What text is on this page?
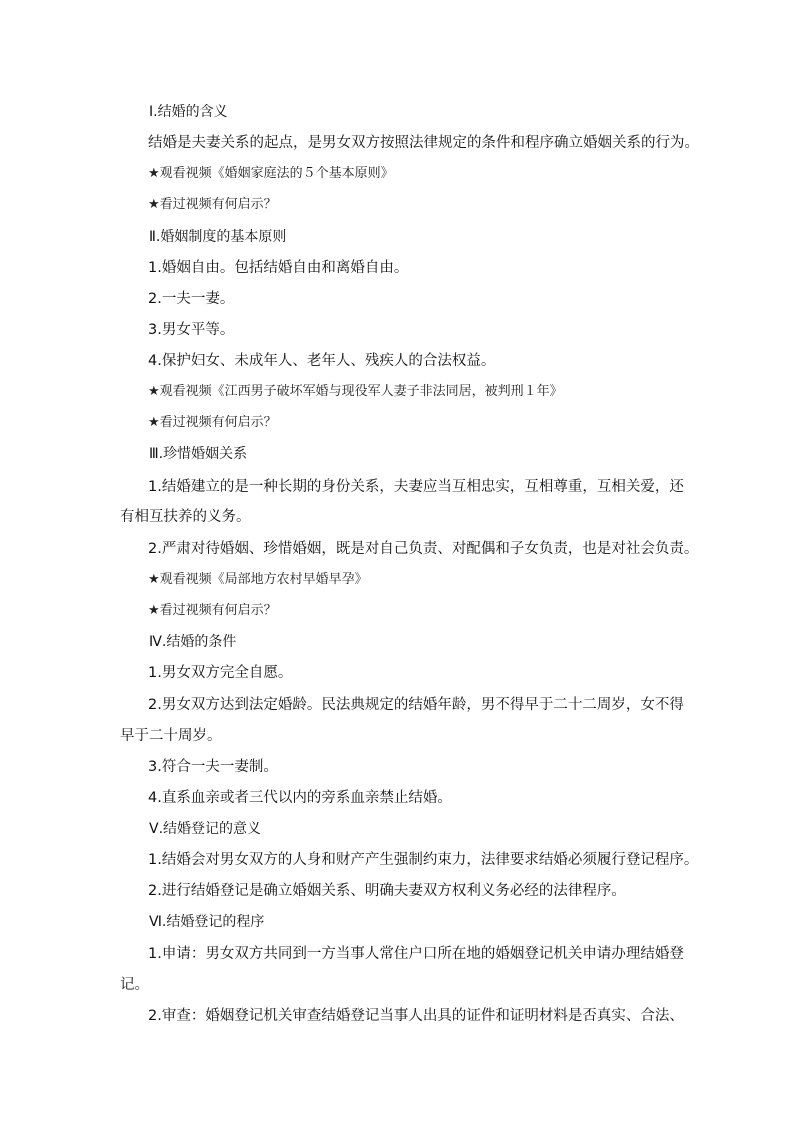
Ⅰ.结婚的含义
结婚是夫妻关系的起点，是男女双方按照法律规定的条件和程序确立婚姻关系的行为。
★观看视频《婚姻家庭法的５个基本原则》
★看过视频有何启示？
Ⅱ.婚姻制度的基本原则
1.婚姻自由。包括结婚自由和离婚自由。
2.一夫一妻。
3.男女平等。
4.保护妇女、未成年人、老年人、残疾人的合法权益。
★观看视频《江西男子破坏军婚与现役军人妻子非法同居，被判刑１年》
★看过视频有何启示？
Ⅲ.珍惜婚姻关系
1.结婚建立的是一种长期的身份关系，夫妻应当互相忠实，互相尊重，互相关爱，还
有相互扶养的义务。
2.严肃对待婚姻、珍惜婚姻，既是对自己负责、对配偶和子女负责，也是对社会负责。
★观看视频《局部地方农村早婚早孕》
★看过视频有何启示？
Ⅳ.结婚的条件
1.男女双方完全自愿。
2.男女双方达到法定婚龄。民法典规定的结婚年龄，男不得早于二十二周岁，女不得
早于二十周岁。
3.符合一夫一妻制。
4.直系血亲或者三代以内的旁系血亲禁止结婚。
Ⅴ.结婚登记的意义
1.结婚会对男女双方的人身和财产产生强制约束力，法律要求结婚必须履行登记程序。
2.进行结婚登记是确立婚姻关系、明确夫妻双方权利义务必经的法律程序。
Ⅵ.结婚登记的程序
1.申请：男女双方共同到一方当事人常住户口所在地的婚姻登记机关申请办理结婚登
记。
2.审查：婚姻登记机关审查结婚登记当事人出具的证件和证明材料是否真实、合法、
